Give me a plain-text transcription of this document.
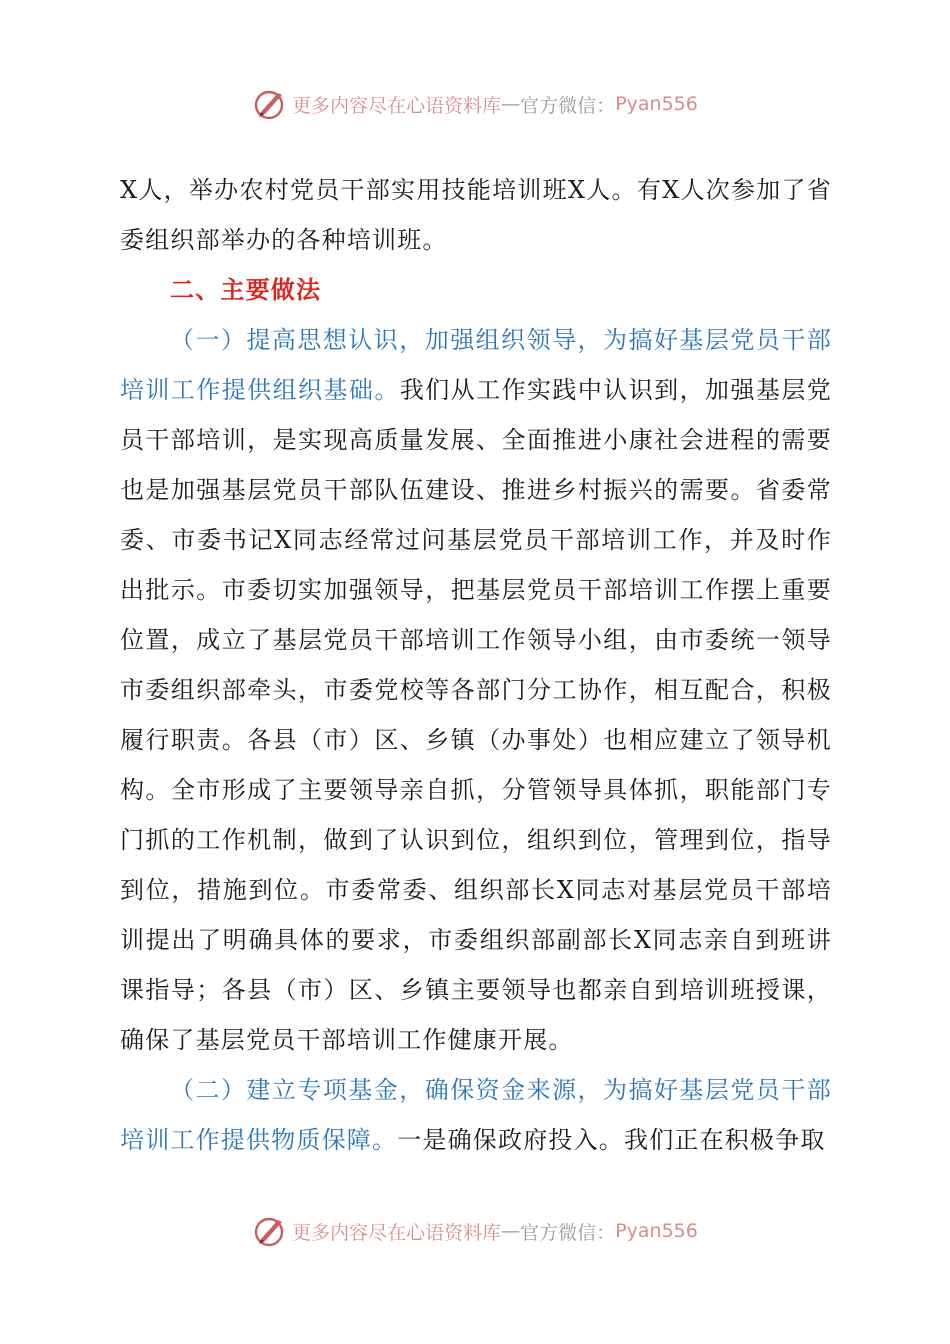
更多内容尽在心语资料库 — 官方微信： Pyan556

X人，举办农村党员干部实用技能培训班X人。有X人次参加了省委组织部举办的各种培训班。

二、主要做法

（一）提高思想认识，加强组织领导，为搞好基层党员干部培训工作提供组织基础。我们从工作实践中认识到，加强基层党员干部培训，是实现高质量发展、全面推进小康社会进程的需要也是加强基层党员干部队伍建设、推进乡村振兴的需要。省委常委、市委书记X同志经常过问基层党员干部培训工作，并及时作出批示。市委切实加强领导，把基层党员干部培训工作摆上重要位置，成立了基层党员干部培训工作领导小组，由市委统一领导市委组织部牵头，市委党校等各部门分工协作，相互配合，积极履行职责。各县（市）区、乡镇（办事处）也相应建立了领导机构。全市形成了主要领导亲自抓，分管领导具体抓，职能部门专门抓的工作机制，做到了认识到位，组织到位，管理到位，指导到位，措施到位。市委常委、组织部长X同志对基层党员干部培训提出了明确具体的要求，市委组织部副部长X同志亲自到班讲课指导；各县（市）区、乡镇主要领导也都亲自到培训班授课，确保了基层党员干部培训工作健康开展。

（二）建立专项基金，确保资金来源，为搞好基层党员干部培训工作提供物质保障。一是确保政府投入。我们正在积极争取

更多内容尽在心语资料库 — 官方微信： Pyan556
